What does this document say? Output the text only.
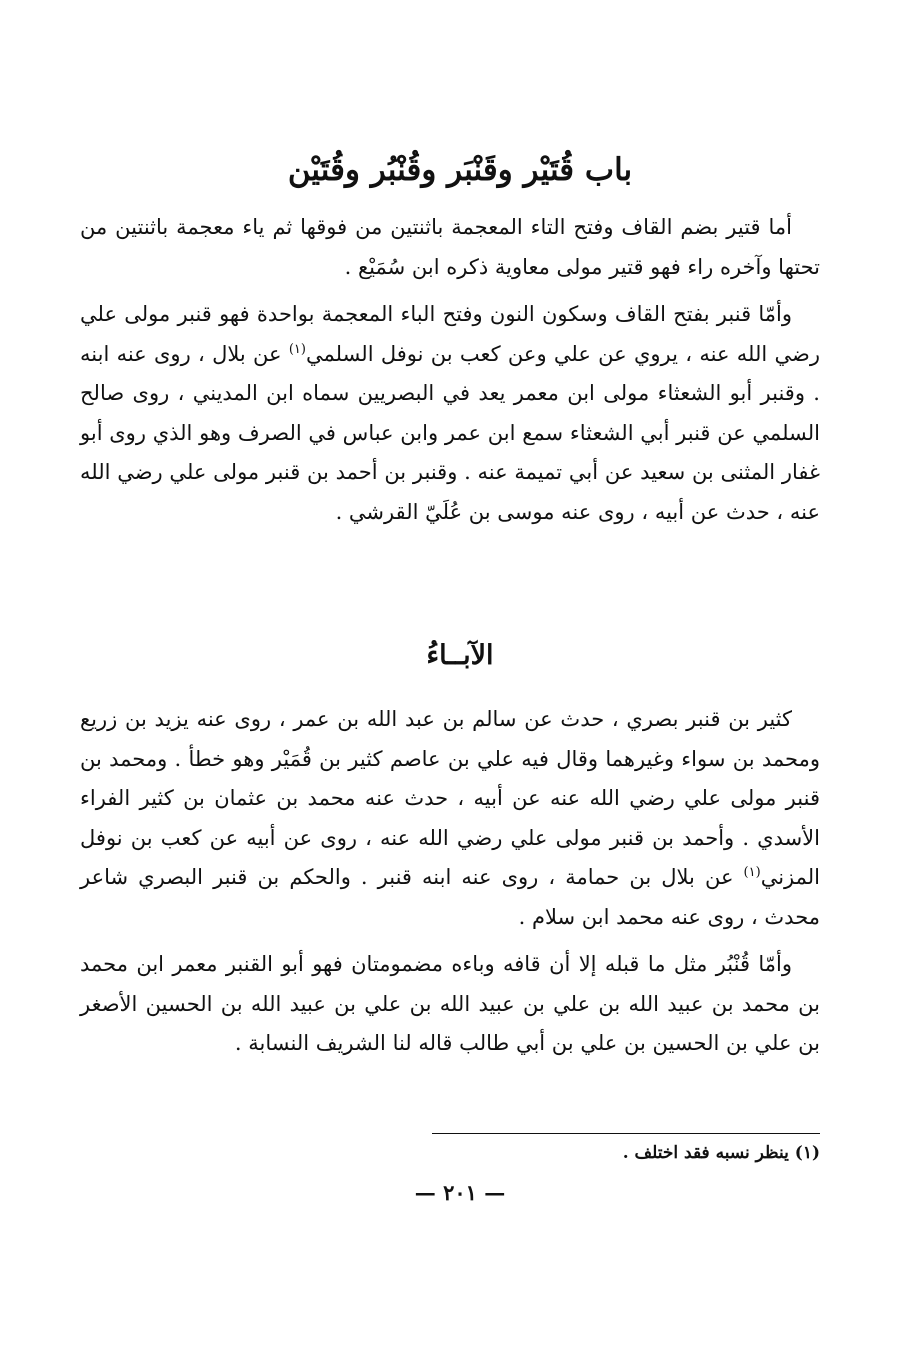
باب قُتَيْر وقَنْبَر وقُنْبُر وقُتَيْن

أما قتير بضم القاف وفتح التاء المعجمة باثنتين من فوقها ثم ياء معجمة باثنتين من تحتها وآخره راء فهو قتير مولى معاوية ذكره ابن سُمَيْع .

وأمّا قنبر بفتح القاف وسكون النون وفتح الباء المعجمة بواحدة فهو قنبر مولى علي رضي الله عنه ، يروي عن علي وعن كعب بن نوفل السلمي$^{(١)}$ عن بلال ، روى عنه ابنه . وقنبر أبو الشعثاء مولى ابن معمر يعد في البصريين سماه ابن المديني ، روى صالح السلمي عن قنبر أبي الشعثاء سمع ابن عمر وابن عباس في الصرف وهو الذي روى أبو غفار المثنى بن سعيد عن أبي تميمة عنه . وقنبر بن أحمد بن قنبر مولى علي رضي الله عنه ، حدث عن أبيه ، روى عنه موسى بن عُلَيّ القرشي .

الآبــاءُ

كثير بن قنبر بصري ، حدث عن سالم بن عبد الله بن عمر ، روى عنه يزيد بن زريع ومحمد بن سواء وغيرهما وقال فيه علي بن عاصم كثير بن قُمَيْر وهو خطأ . ومحمد بن قنبر مولى علي رضي الله عنه عن أبيه ، حدث عنه محمد بن عثمان بن كثير الفراء الأسدي . وأحمد بن قنبر مولى علي رضي الله عنه ، روى عن أبيه عن كعب بن نوفل المزني$^{(١)}$ عن بلال بن حمامة ، روى عنه ابنه قنبر . والحكم بن قنبر البصري شاعر محدث ، روى عنه محمد ابن سلام .

وأمّا قُنْبُر مثل ما قبله إلا أن قافه وباءه مضمومتان فهو أبو القنبر معمر ابن محمد بن محمد بن عبيد الله بن علي بن عبيد الله بن علي بن عبيد الله بن الحسين الأصغر بن علي بن الحسين بن علي بن أبي طالب قاله لنا الشريف النسابة .

(١) ينظر نسبه فقد اختلف .
— ٢٠١ —
